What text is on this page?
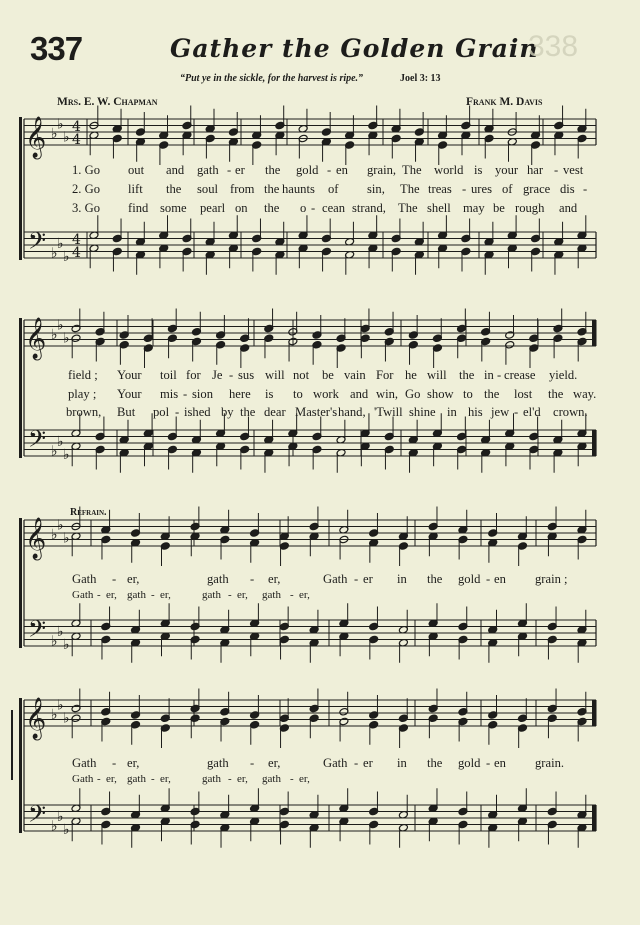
337	Gather the Golden Grain
338
“Put ye in the sickle, for the harvest is ripe.”	Joel 3: 13
Mrs. E. W. Chapman	Frank M. Davis
Refrain.
𝄞
𝄢
♭
♭
♭
♭
♭
♭
4
4
4
4
𝄞
𝄢
♭
♭
♭
♭
♭
♭
𝄞
𝄢
♭
♭
♭
♭
♭
♭
𝄞
𝄢
♭
♭
♭
♭
♭
♭
1. Go out and gath - er the gold - en grain, The world is your har - vest
2. Go lift the soul from the haunts of sin, The treas - ures of grace dis -
3. Go find some pearl on the o - cean strand, The shell may be rough and
field ; Your toil for Je - sus will not be vain For he will the in - crease yield.
play ; Your mis - sion here is to work and win, Go show to the lost the way.
brown, But pol - ished by the dear Master's hand, 'Twill shine in his jew - el'd crown.
Gath - er,	gath - er,	Gath - er in the gold - en grain ;
Gath - er, gath - er,	gath - er, gath - er,
Gath - er,	gath - er,	Gath - er in the gold - en grain.
Gath - er, gath - er,	gath - er, gath - er,
